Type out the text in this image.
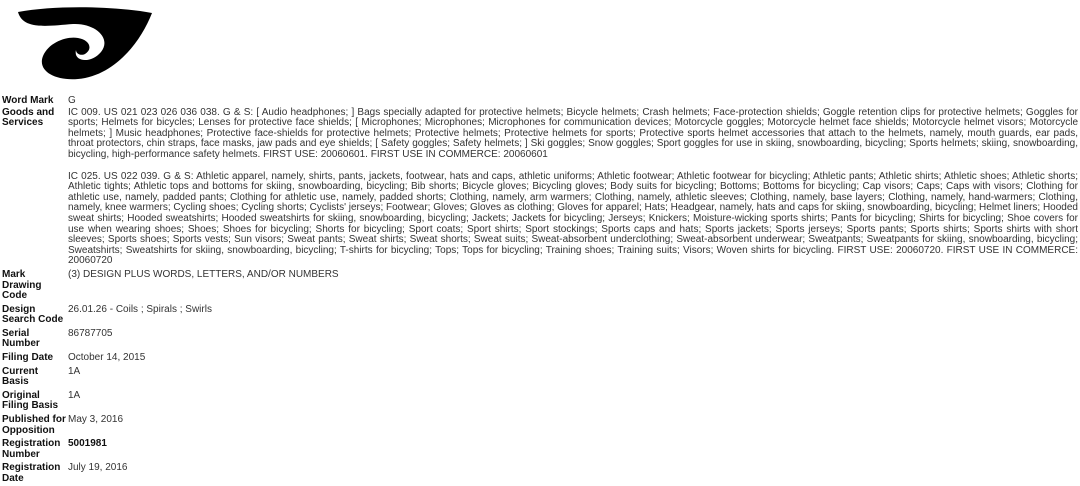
Word Mark	G
Goods and Services	IC 009. US 021 023 026 036 038. G & S: [ Audio headphones; ] Bags specially adapted for protective helmets; Bicycle helmets; Crash helmets; Face-protection shields; Goggle retention clips for protective helmets; Goggles for sports; Helmets for bicycles; Lenses for protective face shields; [ Microphones; Microphones; Microphones for communication devices; Motorcycle goggles; Motorcycle helmet face shields; Motorcycle helmet visors; Motorcycle helmets; ] Music headphones; Protective face-shields for protective helmets; Protective helmets; Protective helmets for sports; Protective sports helmet accessories that attach to the helmets, namely, mouth guards, ear pads, throat protectors, chin straps, face masks, jaw pads and eye shields; [ Safety goggles; Safety helmets; ] Ski goggles; Snow goggles; Sport goggles for use in skiing, snowboarding, bicycling; Sports helmets; skiing, snowboarding, bicycling, high-performance safety helmets. FIRST USE: 20060601. FIRST USE IN COMMERCE: 20060601

IC 025. US 022 039. G & S: Athletic apparel, namely, shirts, pants, jackets, footwear, hats and caps, athletic uniforms; Athletic footwear; Athletic footwear for bicycling; Athletic pants; Athletic shirts; Athletic shoes; Athletic shorts; Athletic tights; Athletic tops and bottoms for skiing, snowboarding, bicycling; Bib shorts; Bicycle gloves; Bicycling gloves; Body suits for bicycling; Bottoms; Bottoms for bicycling; Cap visors; Caps; Caps with visors; Clothing for athletic use, namely, padded pants; Clothing for athletic use, namely, padded shorts; Clothing, namely, arm warmers; Clothing, namely, athletic sleeves; Clothing, namely, base layers; Clothing, namely, hand-warmers; Clothing, namely, knee warmers; Cycling shoes; Cycling shorts; Cyclists' jerseys; Footwear; Gloves; Gloves as clothing; Gloves for apparel; Hats; Headgear, namely, hats and caps for skiing, snowboarding, bicycling; Helmet liners; Hooded sweat shirts; Hooded sweatshirts; Hooded sweatshirts for skiing, snowboarding, bicycling; Jackets; Jackets for bicycling; Jerseys; Knickers; Moisture-wicking sports shirts; Pants for bicycling; Shirts for bicycling; Shoe covers for use when wearing shoes; Shoes; Shoes for bicycling; Shorts for bicycling; Sport coats; Sport shirts; Sport stockings; Sports caps and hats; Sports jackets; Sports jerseys; Sports pants; Sports shirts; Sports shirts with short sleeves; Sports shoes; Sports vests; Sun visors; Sweat pants; Sweat shirts; Sweat shorts; Sweat suits; Sweat-absorbent underclothing; Sweat-absorbent underwear; Sweatpants; Sweatpants for skiing, snowboarding, bicycling; Sweatshirts; Sweatshirts for skiing, snowboarding, bicycling; T-shirts for bicycling; Tops; Tops for bicycling; Training shoes; Training suits; Visors; Woven shirts for bicycling. FIRST USE: 20060720. FIRST USE IN COMMERCE: 20060720

Mark Drawing Code	(3) DESIGN PLUS WORDS, LETTERS, AND/OR NUMBERS
Design Search Code	26.01.26 - Coils ; Spirals ; Swirls
Serial Number	86787705
Filing Date	October 14, 2015
Current Basis	1A
Original Filing Basis	1A
Published for Opposition	May 3, 2016
Registration Number	5001981
Registration Date	July 19, 2016
